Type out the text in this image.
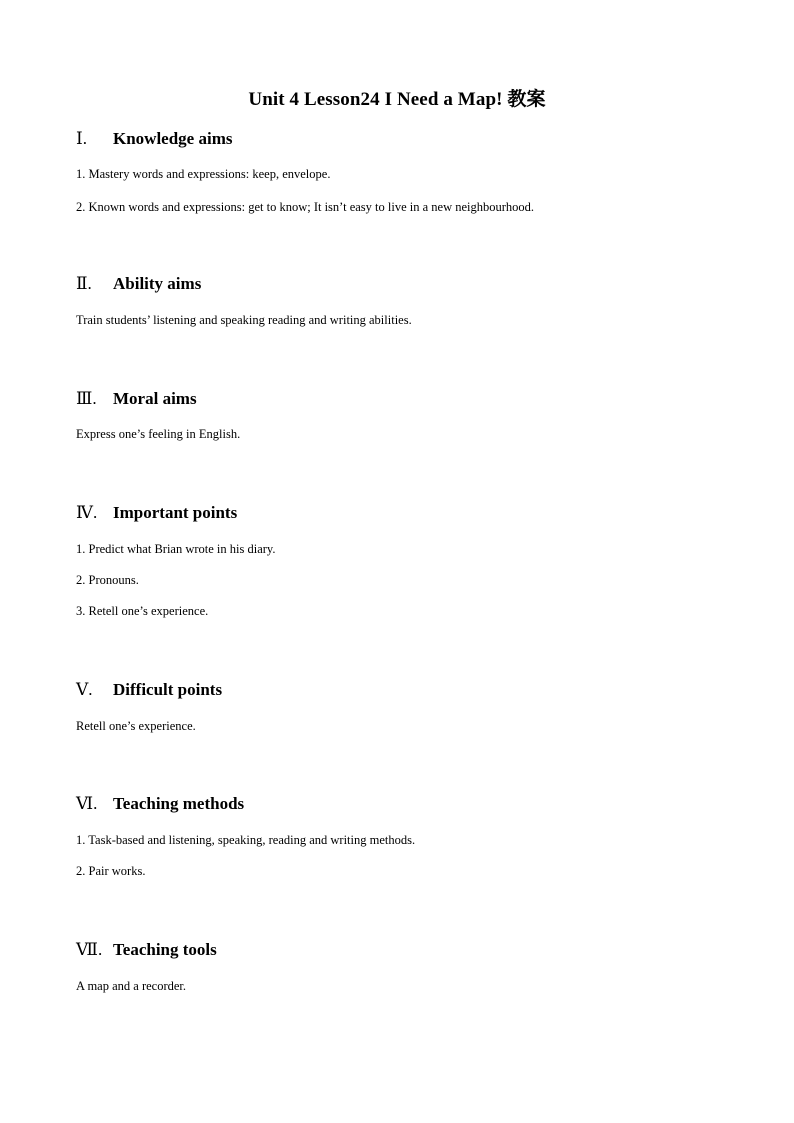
Unit 4 Lesson24 I Need a Map! 教案
Ⅰ.	Knowledge aims

1. Mastery words and expressions: keep, envelope.

2. Known words and expressions: get to know; It isn’t easy to live in a new neighbourhood.

Ⅱ.	Ability aims

Train students’ listening and speaking reading and writing abilities.

Ⅲ. Moral aims

Express one’s feeling in English.

Ⅳ. Important points

1. Predict what Brian wrote in his diary.

2. Pronouns.

3. Retell one’s experience.

Ⅴ.	Difficult points

Retell one’s experience.

Ⅵ. Teaching methods

1. Task-based and listening, speaking, reading and writing methods.

2. Pair works.

Ⅶ. Teaching tools

A map and a recorder.
